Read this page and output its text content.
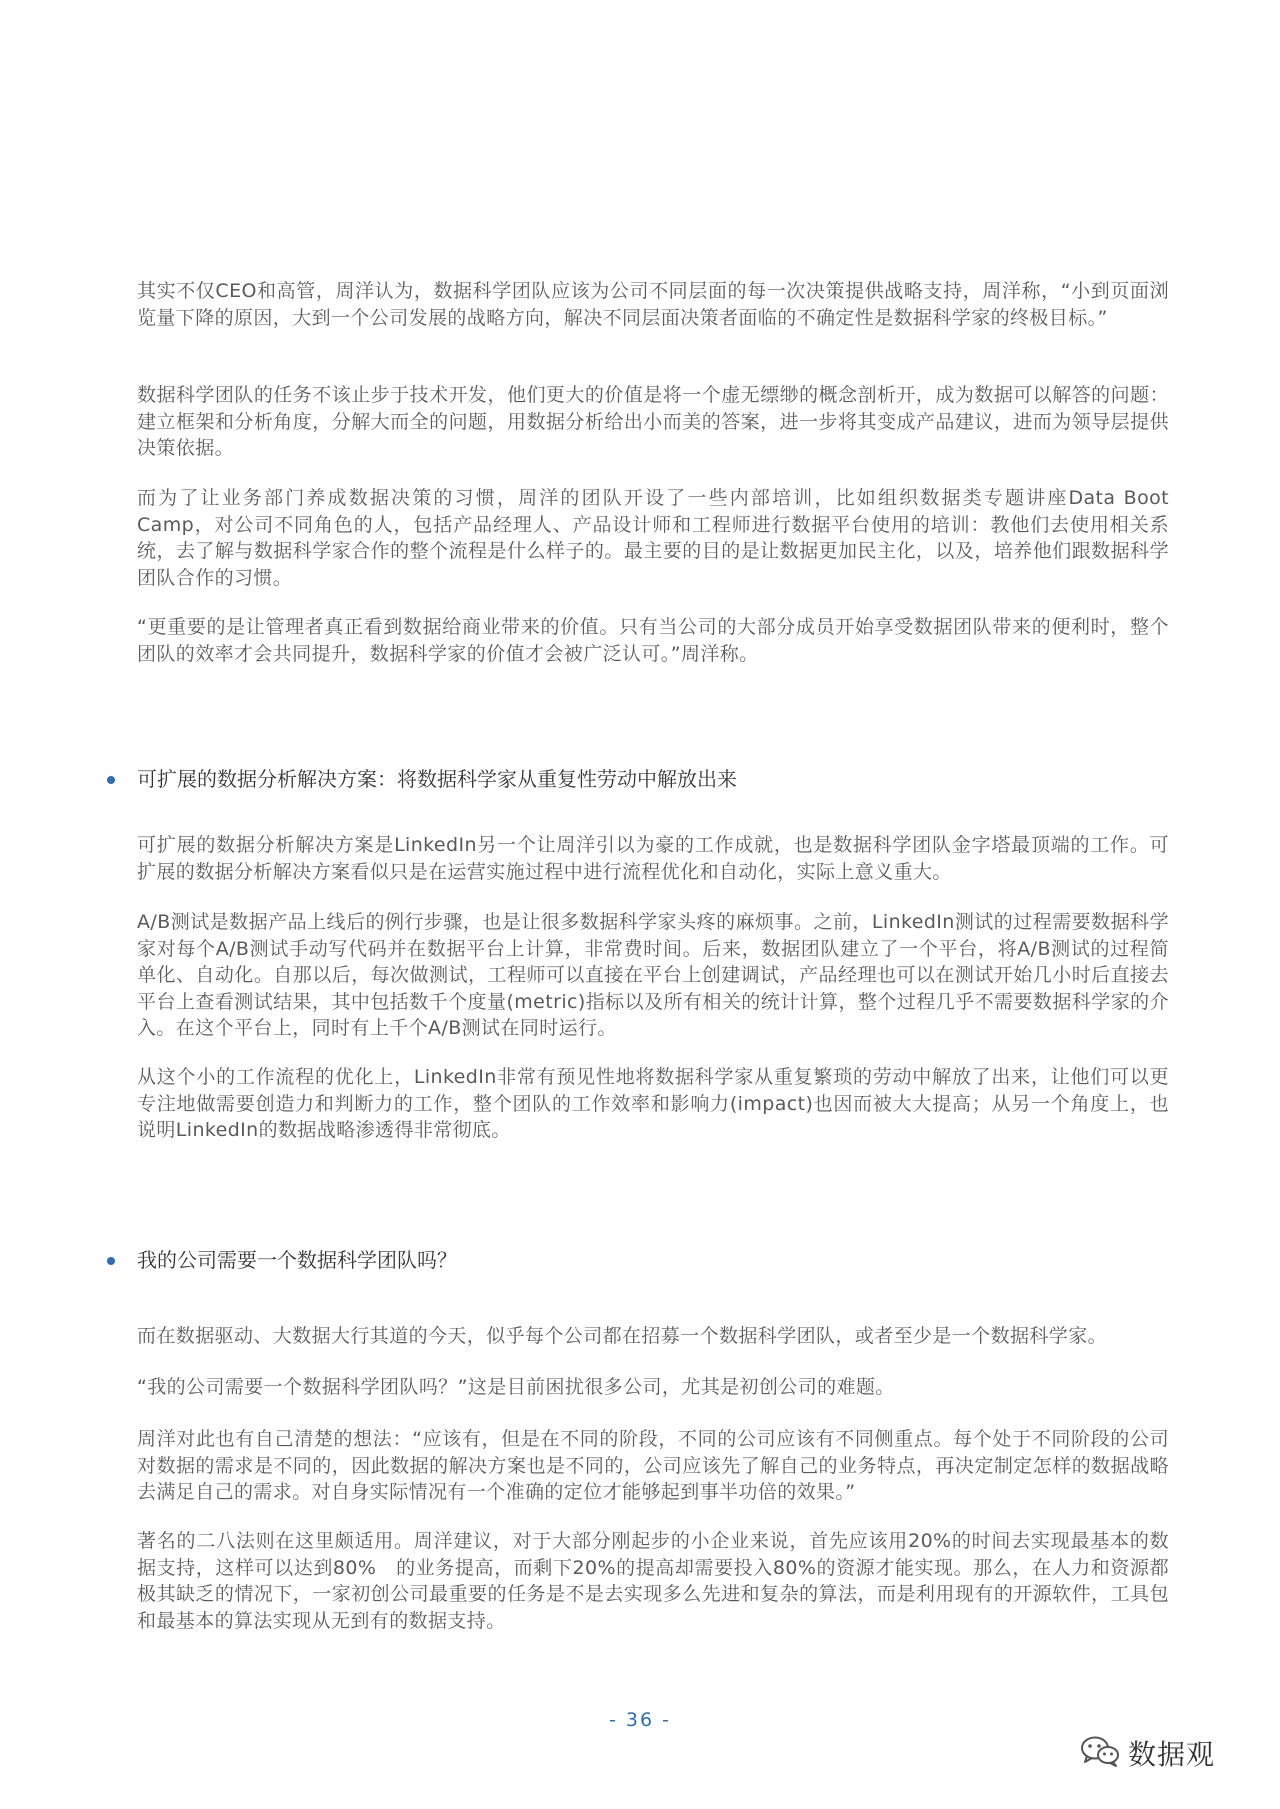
其实不仅CEO和高管，周洋认为，数据科学团队应该为公司不同层面的每一次决策提供战略支持，周洋称，“小到页面浏览量下降的原因，大到一个公司发展的战略方向，解决不同层面决策者面临的不确定性是数据科学家的终极目标。”

数据科学团队的任务不该止步于技术开发，他们更大的价值是将一个虚无缥缈的概念剖析开，成为数据可以解答的问题：建立框架和分析角度，分解大而全的问题，用数据分析给出小而美的答案，进一步将其变成产品建议，进而为领导层提供决策依据。

而为了让业务部门养成数据决策的习惯，周洋的团队开设了一些内部培训，比如组织数据类专题讲座Data Boot Camp，对公司不同角色的人，包括产品经理人、产品设计师和工程师进行数据平台使用的培训：教他们去使用相关系统，去了解与数据科学家合作的整个流程是什么样子的。最主要的目的是让数据更加民主化，以及，培养他们跟数据科学团队合作的习惯。

“更重要的是让管理者真正看到数据给商业带来的价值。只有当公司的大部分成员开始享受数据团队带来的便利时，整个团队的效率才会共同提升，数据科学家的价值才会被广泛认可。”周洋称。

可扩展的数据分析解决方案：将数据科学家从重复性劳动中解放出来

可扩展的数据分析解决方案是LinkedIn另一个让周洋引以为豪的工作成就，也是数据科学团队金字塔最顶端的工作。可扩展的数据分析解决方案看似只是在运营实施过程中进行流程优化和自动化，实际上意义重大。

A/B测试是数据产品上线后的例行步骤，也是让很多数据科学家头疼的麻烦事。之前，LinkedIn测试的过程需要数据科学家对每个A/B测试手动写代码并在数据平台上计算，非常费时间。后来，数据团队建立了一个平台，将A/B测试的过程简单化、自动化。自那以后，每次做测试，工程师可以直接在平台上创建调试，产品经理也可以在测试开始几小时后直接去平台上查看测试结果，其中包括数千个度量(metric)指标以及所有相关的统计计算，整个过程几乎不需要数据科学家的介入。在这个平台上，同时有上千个A/B测试在同时运行。

从这个小的工作流程的优化上，LinkedIn非常有预见性地将数据科学家从重复繁琐的劳动中解放了出来，让他们可以更专注地做需要创造力和判断力的工作，整个团队的工作效率和影响力(impact)也因而被大大提高；从另一个角度上，也说明LinkedIn的数据战略渗透得非常彻底。

我的公司需要一个数据科学团队吗？

而在数据驱动、大数据大行其道的今天，似乎每个公司都在招募一个数据科学团队，或者至少是一个数据科学家。

“我的公司需要一个数据科学团队吗？”这是目前困扰很多公司，尤其是初创公司的难题。

周洋对此也有自己清楚的想法：“应该有，但是在不同的阶段，不同的公司应该有不同侧重点。每个处于不同阶段的公司对数据的需求是不同的，因此数据的解决方案也是不同的，公司应该先了解自己的业务特点，再决定制定怎样的数据战略去满足自己的需求。对自身实际情况有一个准确的定位才能够起到事半功倍的效果。”

著名的二八法则在这里颇适用。周洋建议，对于大部分刚起步的小企业来说，首先应该用20%的时间去实现最基本的数据支持，这样可以达到80%　的业务提高，而剩下20%的提高却需要投入80%的资源才能实现。那么，在人力和资源都极其缺乏的情况下，一家初创公司最重要的任务是不是去实现多么先进和复杂的算法，而是利用现有的开源软件，工具包和最基本的算法实现从无到有的数据支持。

- 36 -
数据观
